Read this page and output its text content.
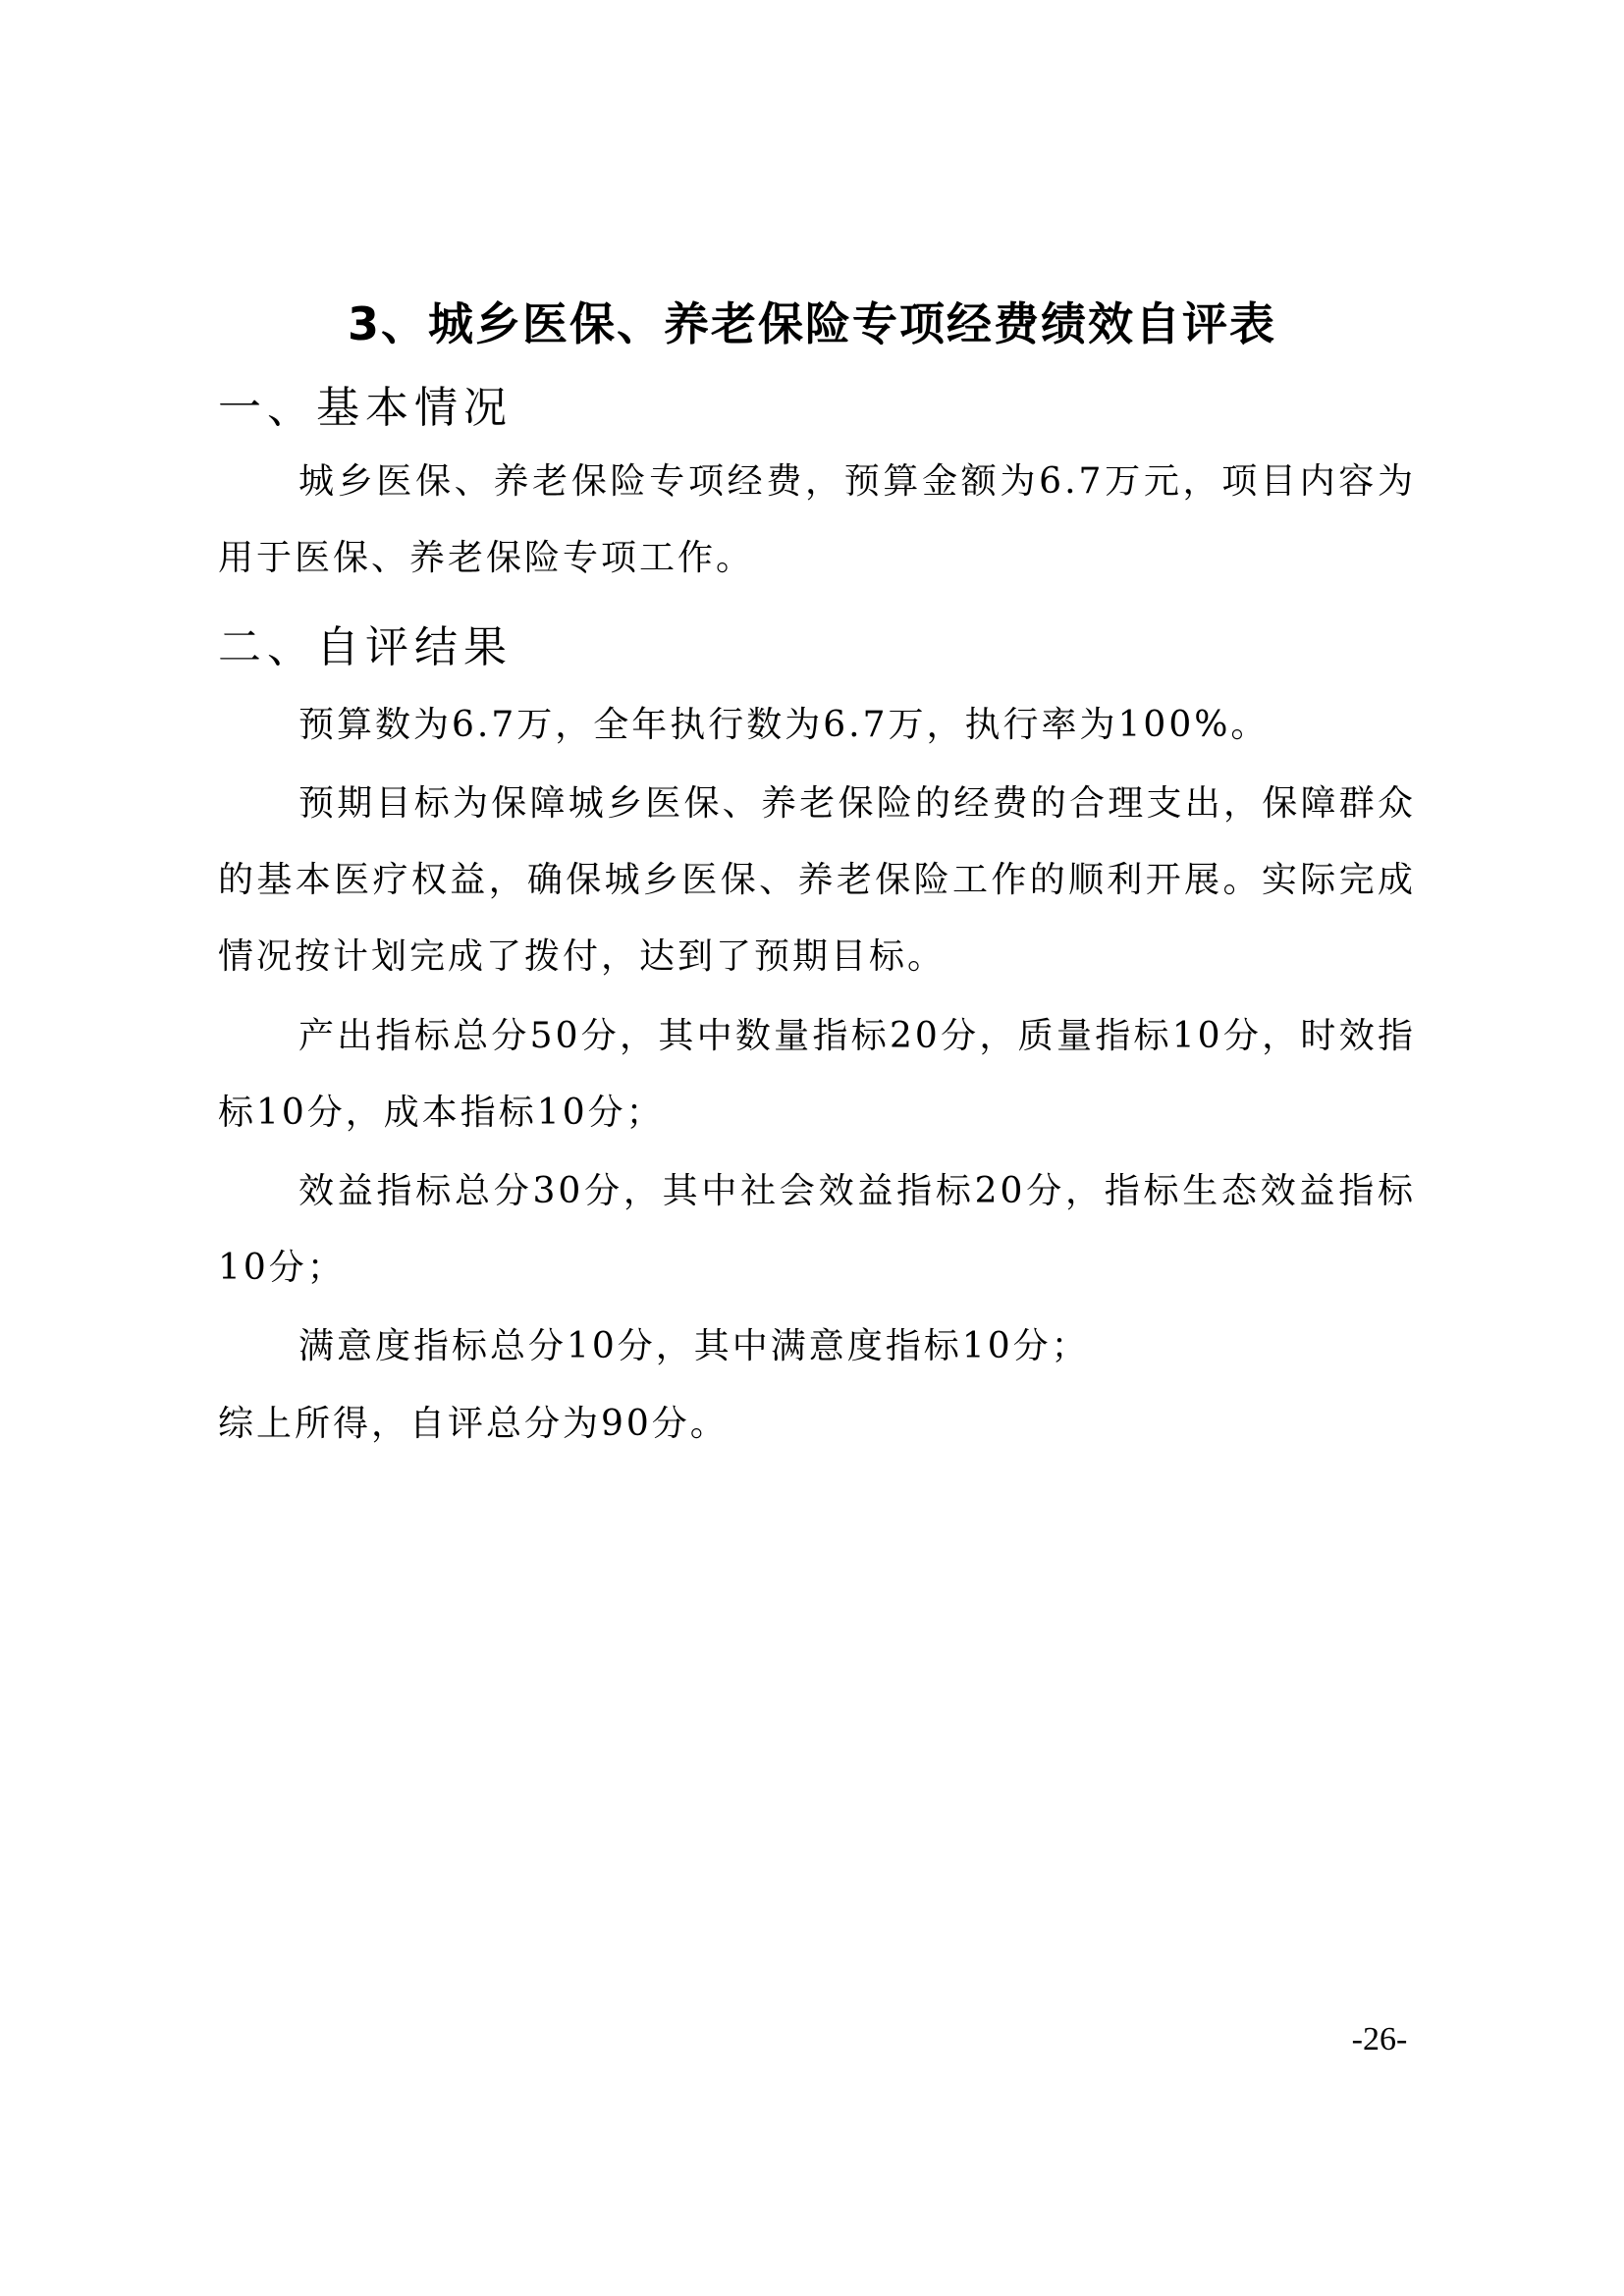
3、城乡医保、养老保险专项经费绩效自评表
一、基本情况

城乡医保、养老保险专项经费，预算金额为6.7万元，项目内容为用于医保、养老保险专项工作。

二、自评结果

预算数为6.7万，全年执行数为6.7万，执行率为100%。

预期目标为保障城乡医保、养老保险的经费的合理支出，保障群众的基本医疗权益，确保城乡医保、养老保险工作的顺利开展。实际完成情况按计划完成了拨付，达到了预期目标。

产出指标总分50分，其中数量指标20分，质量指标10分，时效指标10分，成本指标10分；

效益指标总分30分，其中社会效益指标20分，指标生态效益指标10分；

满意度指标总分10分，其中满意度指标10分；

综上所得，自评总分为90分。

-26-
